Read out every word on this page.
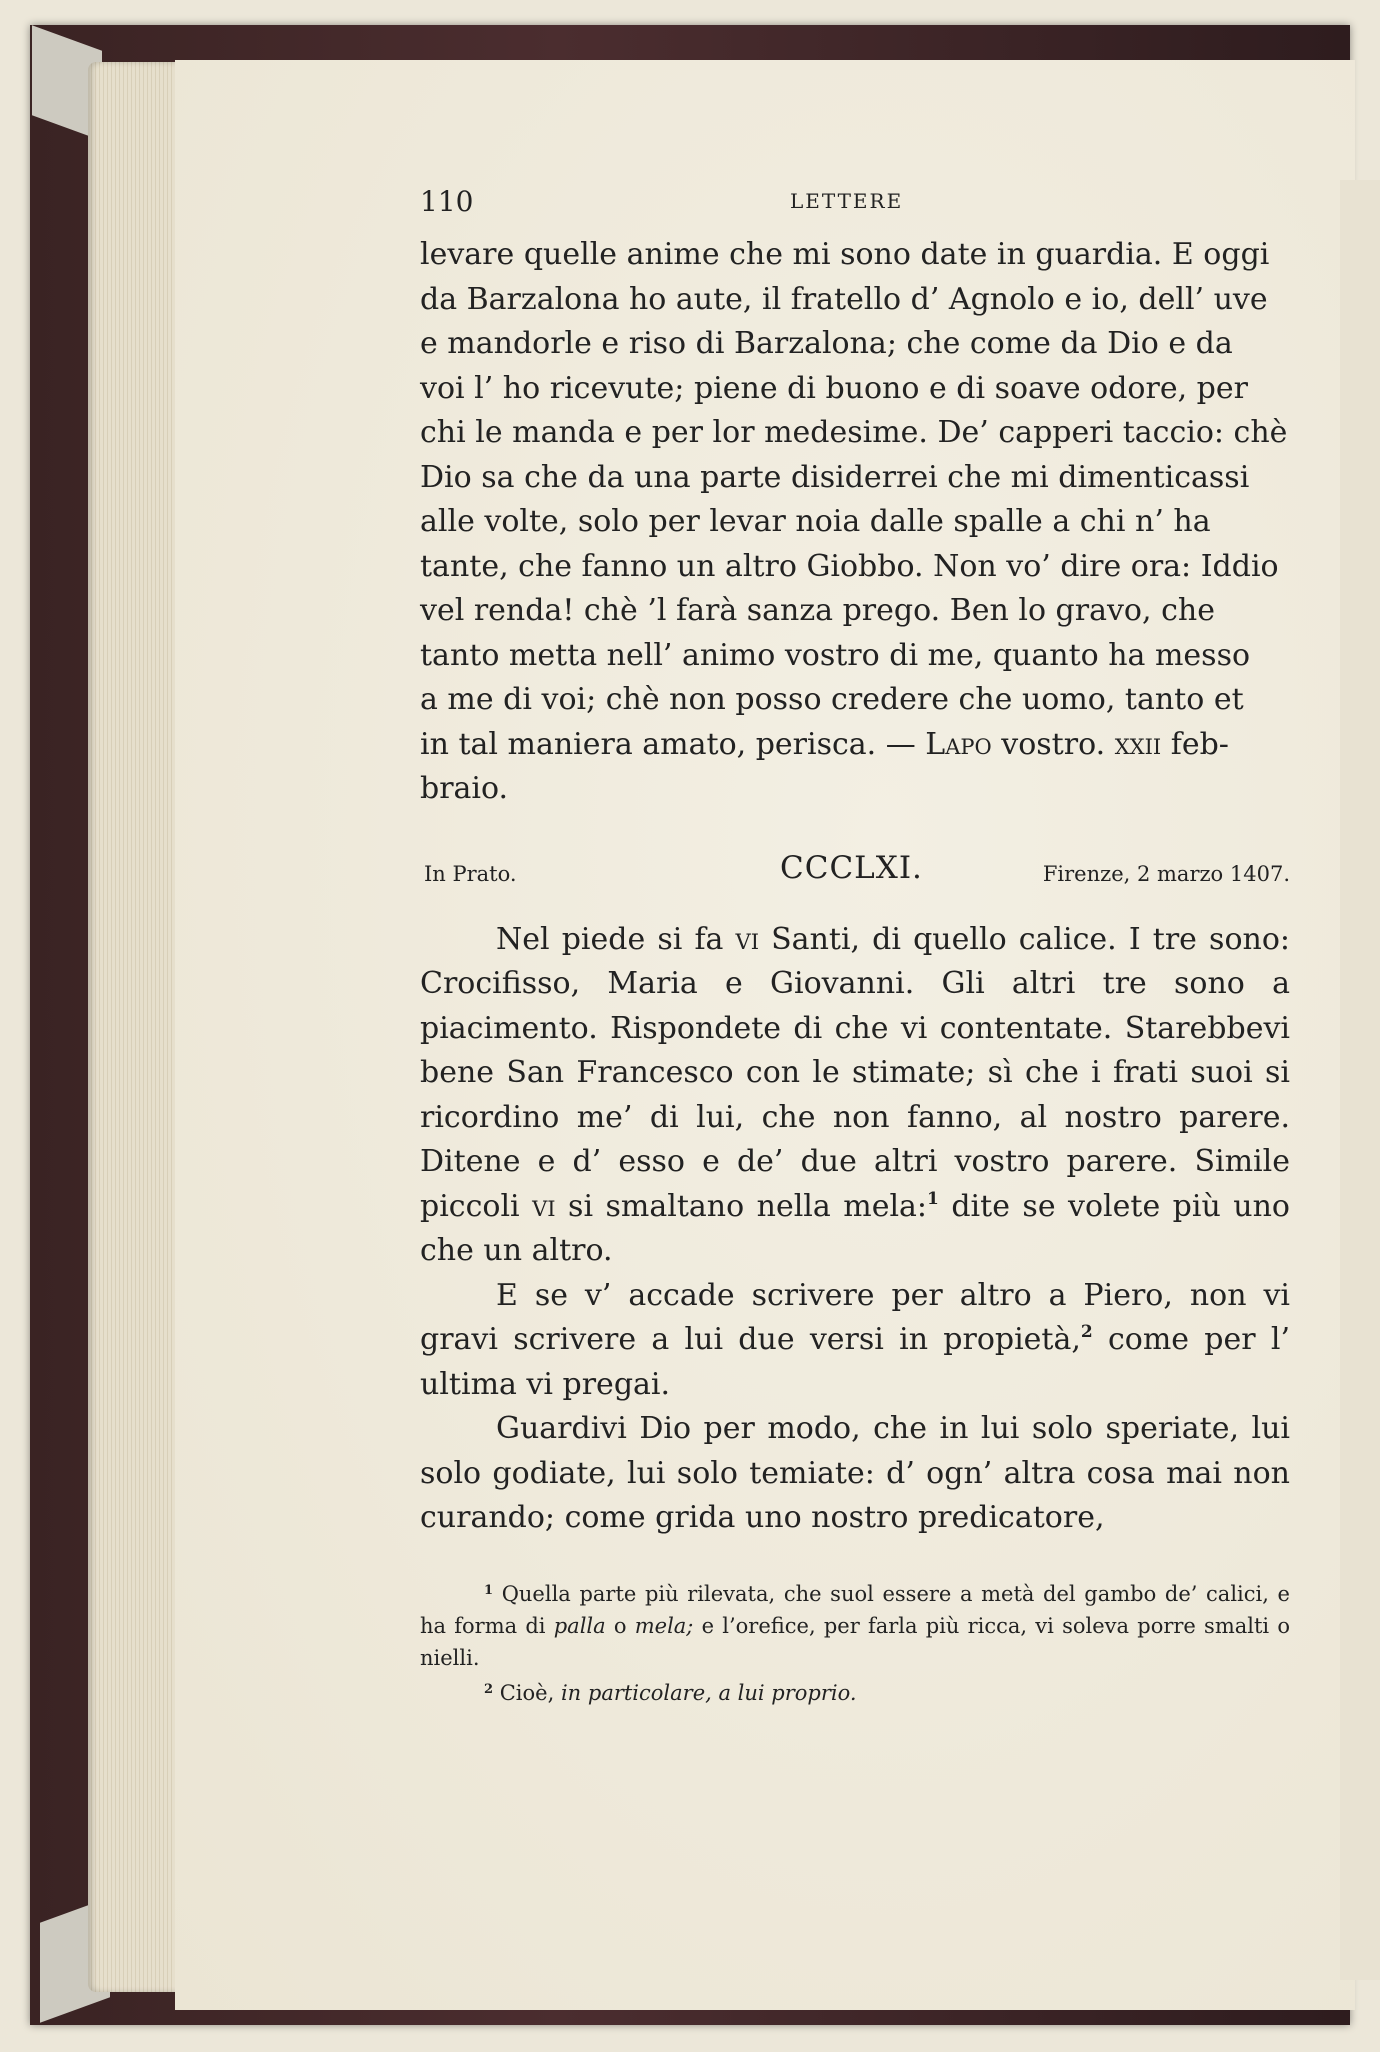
110	LETTERE
levare quelle anime che mi sono date in guardia. E oggi
da Barzalona ho aute, il fratello d’ Agnolo e io, dell’ uve
e mandorle e riso di Barzalona; che come da Dio e da
voi l’ ho ricevute; piene di buono e di soave odore, per
chi le manda e per lor medesime. De’ capperi taccio: chè
Dio sa che da una parte disiderrei che mi dimenticassi
alle volte, solo per levar noia dalle spalle a chi n’ ha
tante, che fanno un altro Giobbo. Non vo’ dire ora: Iddio
vel renda! chè ’l farà sanza prego. Ben lo gravo, che
tanto metta nell’ animo vostro di me, quanto ha messo
a me di voi; chè non posso credere che uomo, tanto et
in tal maniera amato, perisca. — Lapo vostro. xxii feb-
braio.
In Prato.	CCCLXI.	Firenze, 2 marzo 1407.

Nel piede si fa vi Santi, di quello calice. I tre sono: Crocifisso, Maria e Giovanni. Gli altri tre sono a piacimento. Rispondete di che vi contentate. Starebbevi bene San Francesco con le stimate; sì che i frati suoi si ricordino me’ di lui, che non fanno, al nostro parere. Ditene e d’ esso e de’ due altri vostro parere. Simile piccoli vi si smaltano nella mela:$^1$ dite se volete più uno che un altro.

E se v’ accade scrivere per altro a Piero, non vi gravi scrivere a lui due versi in propietà,$^2$ come per l’ ultima vi pregai.

Guardivi Dio per modo, che in lui solo speriate, lui solo godiate, lui solo temiate: d’ ogn’ altra cosa mai non curando; come grida uno nostro predicatore,

$^1$ Quella parte più rilevata, che suol essere a metà del gambo de’ calici, e ha forma di palla o mela; e l’orefice, per farla più ricca, vi soleva porre smalti o nielli.

$^2$ Cioè, in particolare, a lui proprio.
